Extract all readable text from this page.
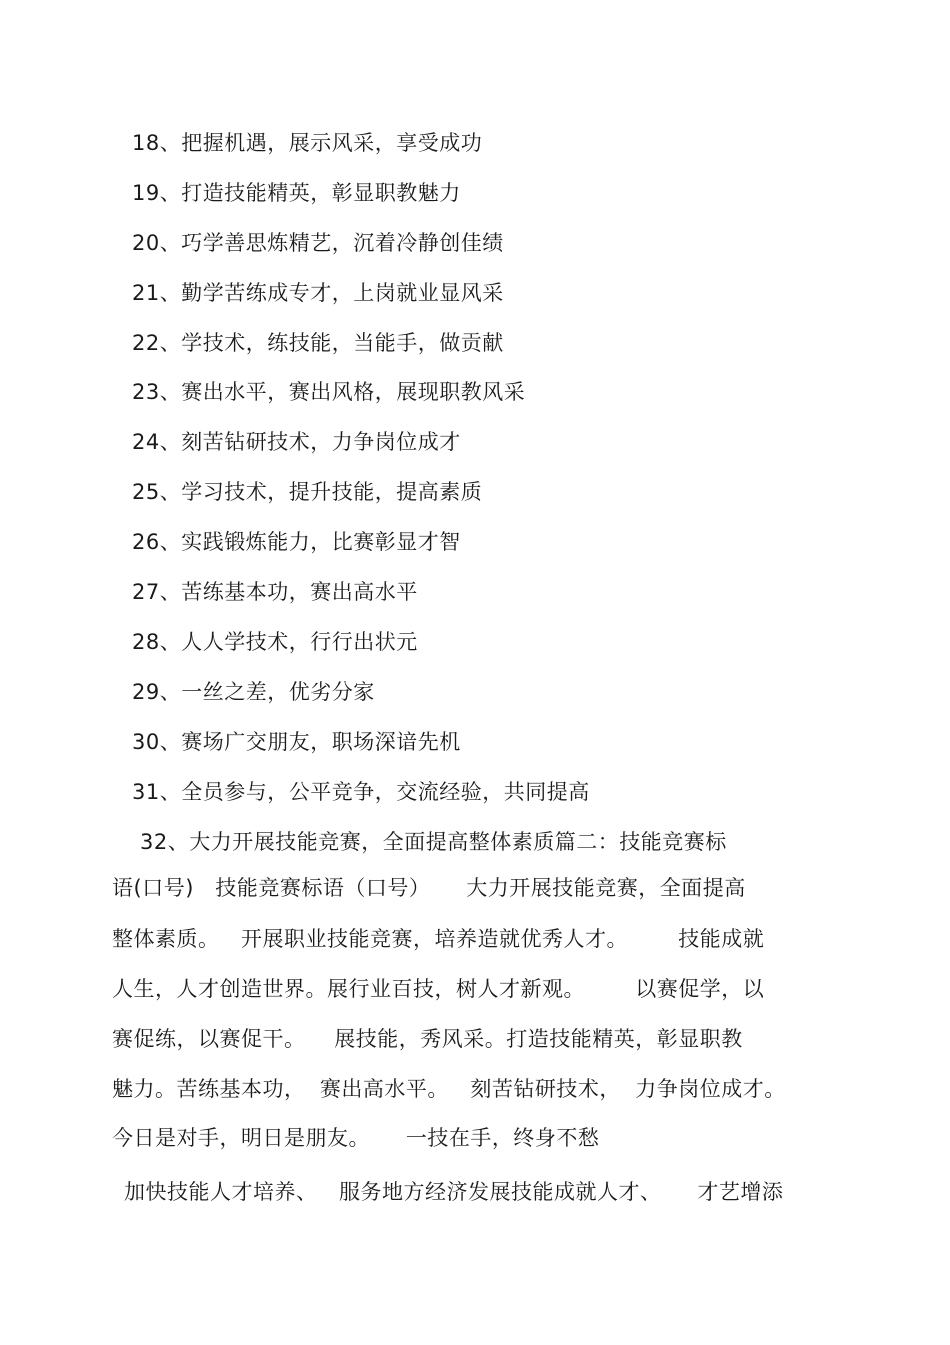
18、把握机遇，展示风采，享受成功
19、打造技能精英，彰显职教魅力
20、巧学善思炼精艺，沉着冷静创佳绩
21、勤学苦练成专才，上岗就业显风采
22、学技术，练技能，当能手，做贡献
23、赛出水平，赛出风格，展现职教风采
24、刻苦钻研技术，力争岗位成才
25、学习技术，提升技能，提高素质
26、实践锻炼能力，比赛彰显才智
27、苦练基本功，赛出高水平
28、人人学技术，行行出状元
29、一丝之差，优劣分家
30、赛场广交朋友，职场深谙先机
31、全员参与，公平竞争，交流经验，共同提高
32、大力开展技能竞赛，全面提高整体素质篇二：技能竞赛标
语(口号)   技能竞赛标语（口号）     大力开展技能竞赛，全面提高
整体素质。   开展职业技能竞赛，培养造就优秀人才。       技能成就
人生，人才创造世界。展行业百技，树人才新观。       以赛促学，以
赛促练，以赛促干。    展技能，秀风采。打造技能精英，彰显职教
魅力。苦练基本功，  赛出高水平。   刻苦钻研技术，  力争岗位成才。
今日是对手，明日是朋友。     一技在手，终身不愁
加快技能人才培养、   服务地方经济发展技能成就人才、     才艺增添
